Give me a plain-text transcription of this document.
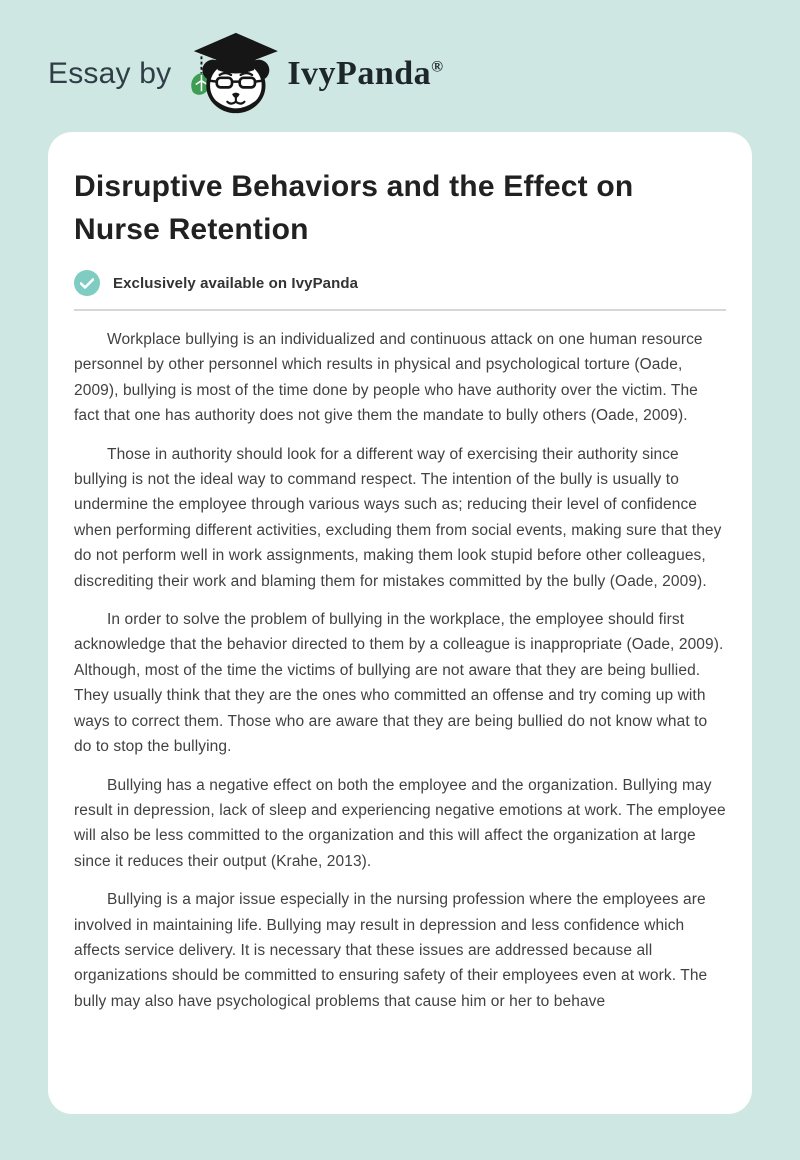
Essay by	IvyPanda®
Disruptive Behaviors and the Effect on Nurse Retention
Exclusively available on IvyPanda

Workplace bullying is an individualized and continuous attack on one human resource personnel by other personnel which results in physical and psychological torture (Oade, 2009), bullying is most of the time done by people who have authority over the victim. The fact that one has authority does not give them the mandate to bully others (Oade, 2009).

Those in authority should look for a different way of exercising their authority since bullying is not the ideal way to command respect. The intention of the bully is usually to undermine the employee through various ways such as; reducing their level of confidence when performing different activities, excluding them from social events, making sure that they do not perform well in work assignments, making them look stupid before other colleagues, discrediting their work and blaming them for mistakes committed by the bully (Oade, 2009).

In order to solve the problem of bullying in the workplace, the employee should first acknowledge that the behavior directed to them by a colleague is inappropriate (Oade, 2009). Although, most of the time the victims of bullying are not aware that they are being bullied. They usually think that they are the ones who committed an offense and try coming up with ways to correct them. Those who are aware that they are being bullied do not know what to do to stop the bullying.

Bullying has a negative effect on both the employee and the organization. Bullying may result in depression, lack of sleep and experiencing negative emotions at work. The employee will also be less committed to the organization and this will affect the organization at large since it reduces their output (Krahe, 2013).

Bullying is a major issue especially in the nursing profession where the employees are involved in maintaining life. Bullying may result in depression and less confidence which affects service delivery. It is necessary that these issues are addressed because all organizations should be committed to ensuring safety of their employees even at work. The bully may also have psychological problems that cause him or her to behave
